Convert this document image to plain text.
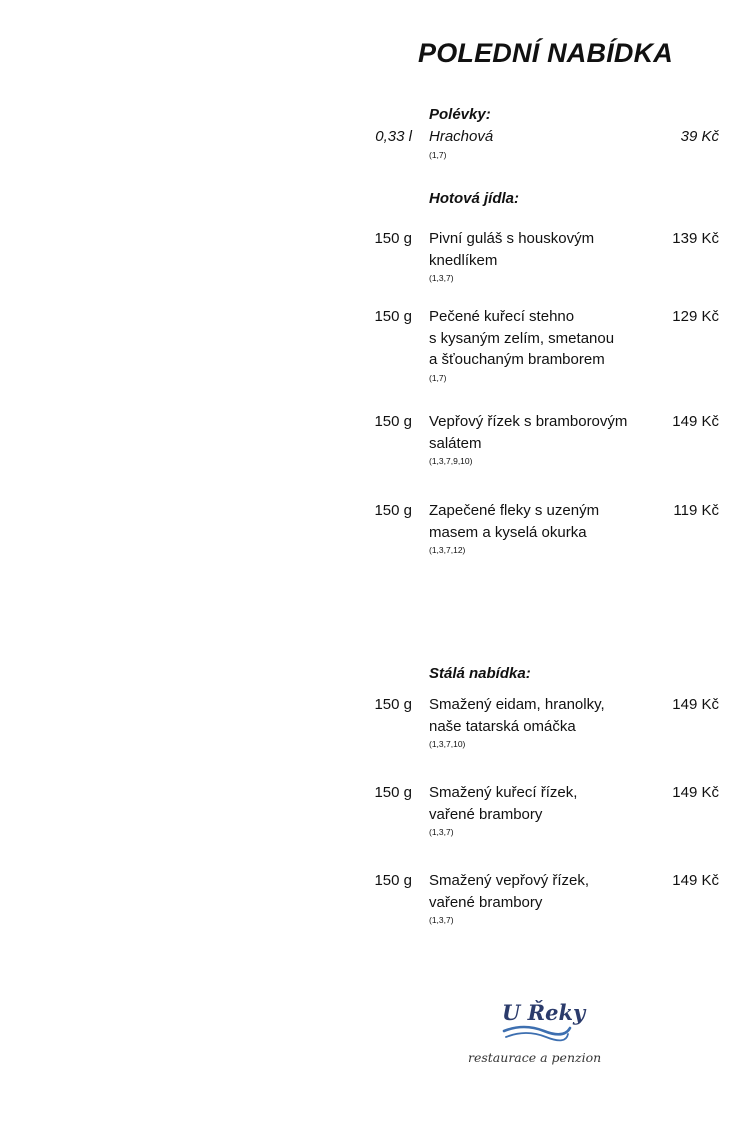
POLEDNÍ NABÍDKA
Polévky:
0,33 l Hrachová
(1,7)
39 Kč
Hotová jídla:
150 g Pivní guláš s houskovým
knedlíkem
(1,3,7)
139 Kč
150 g Pečené kuřecí stehno
s kysaným zelím, smetanou
a šťouchaným bramborem
(1,7)
129 Kč
150 g Vepřový řízek s bramborovým
salátem
(1,3,7,9,10)
149 Kč
150 g Zapečené fleky s uzeným
masem a kyselá okurka
(1,3,7,12)
119 Kč
Stálá nabídka:
150 g Smažený eidam, hranolky,
naše tatarská omáčka
(1,3,7,10)
149 Kč
150 g Smažený kuřecí řízek,
vařené brambory
(1,3,7)
149 Kč
150 g Smažený vepřový řízek,
vařené brambory
(1,3,7)
149 Kč
U Řeky
restaurace a penzion
